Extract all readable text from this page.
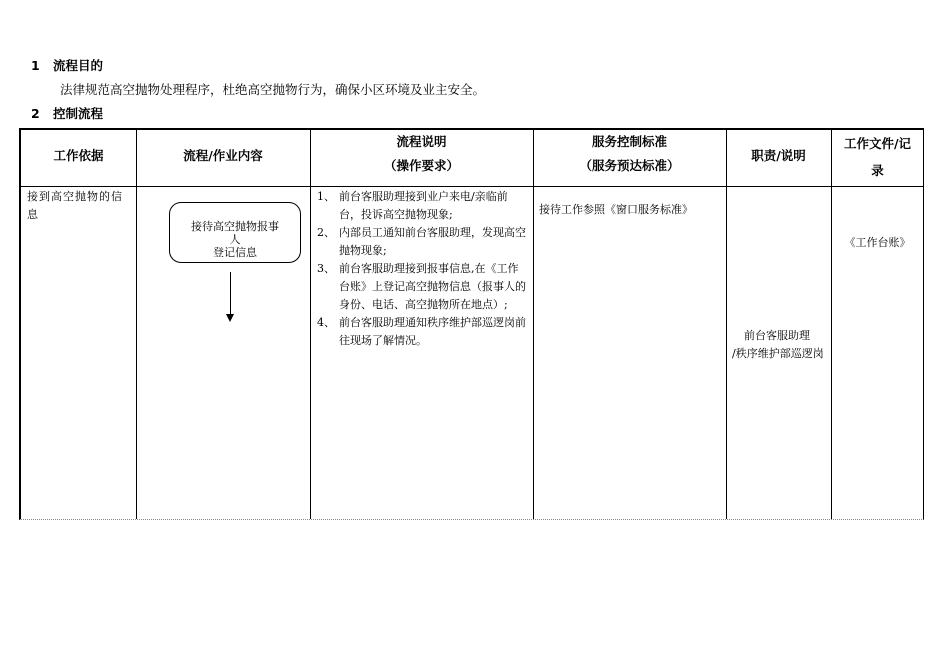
1 流程目的
法律规范高空抛物处理程序，杜绝高空抛物行为，确保小区环境及业主安全。
2 控制流程
工作依据	流程/作业内容
流程说明
（操作要求）
服务控制标准
（服务预达标准）
职责/说明
工作文件/记
录
接到高空抛物的信息
接待高空抛物报事
人
登记信息
1、 前台客服助理接到业户来电/亲临前台，投诉高空抛物现象;
2、 内部员工通知前台客服助理，发现高空抛物现象;
3、 前台客服助理接到报事信息,在《工作台账》上登记高空抛物信息（报事人的身份、电话、高空抛物所在地点）;
4、 前台客服助理通知秩序维护部巡逻岗前往现场了解情况。
接待工作参照《窗口服务标准》
前台客服助理
/秩序维护部巡逻岗
《工作台账》
